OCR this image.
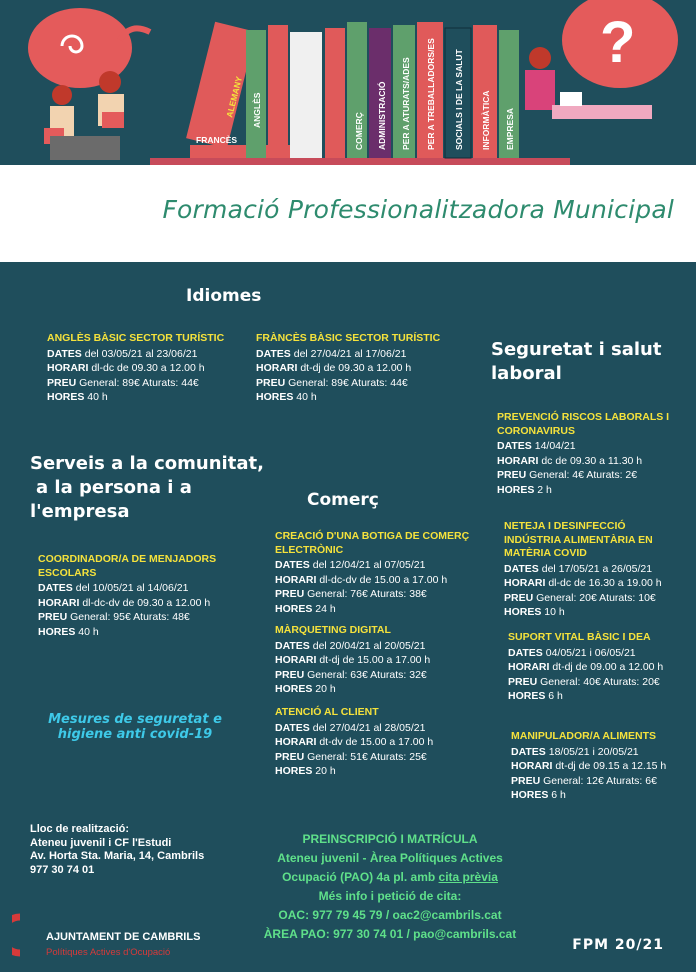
?
FRANCÈS
ALEMANY ANGLÈS
COMERÇ ADMINISTRACIÓ PER A ATURATS/ADES PER A TREBALLADORS/ES SOCIALS I DE LA SALUT INFORMÀTICA EMPRESA
Formació Professionalitzadora Municipal
Idiomes
Seguretat i salut
laboral
Serveis a la comunitat,
a la persona i a
l'empresa
Comerç
ANGLÈS BÀSIC SECTOR TURÍSTIC
DATES del 03/05/21 al 23/06/21
HORARI dl-dc de 09.30 a 12.00 h
PREU General: 89€ Aturats: 44€
HORES 40 h
FRÀNCÈS BÀSIC SECTOR TURÍSTIC
DATES del 27/04/21 al 17/06/21
HORARI dt-dj de 09.30 a 12.00 h
PREU General: 89€ Aturats: 44€
HORES 40 h
PREVENCIÓ RISCOS LABORALS I CORONAVIRUS
DATES 14/04/21
HORARI dc de 09.30 a 11.30 h
PREU General: 4€ Aturats: 2€
HORES 2 h
NETEJA I DESINFECCIÓ INDÚSTRIA ALIMENTÀRIA EN MATÈRIA COVID
DATES del 17/05/21 a 26/05/21
HORARI dl-dc de 16.30 a 19.00 h
PREU General: 20€ Aturats: 10€
HORES 10 h
SUPORT VITAL BÀSIC I DEA
DATES 04/05/21 i 06/05/21
HORARI dt-dj de 09.00 a 12.00 h
PREU General: 40€ Aturats: 20€
HORES 6 h
MANIPULADOR/A ALIMENTS
DATES 18/05/21 i 20/05/21
HORARI dt-dj de 09.15 a 12.15 h
PREU General: 12€ Aturats: 6€
HORES 6 h
COORDINADOR/A DE MENJADORS ESCOLARS
DATES del 10/05/21 al 14/06/21
HORARI dl-dc-dv de 09.30 a 12.00 h
PREU General: 95€ Aturats: 48€
HORES 40 h
CREACIÓ D'UNA BOTIGA DE COMERÇ ELECTRÒNIC
DATES del 12/04/21 al 07/05/21
HORARI dl-dc-dv de 15.00 a 17.00 h
PREU General: 76€ Aturats: 38€
HORES 24 h
MÀRQUETING DIGITAL
DATES del 20/04/21 al 20/05/21
HORARI dt-dj de 15.00 a 17.00 h
PREU General: 63€ Aturats: 32€
HORES 20 h
ATENCIÓ AL CLIENT
DATES del 27/04/21 al 28/05/21
HORARI dt-dv de 15.00 a 17.00 h
PREU General: 51€ Aturats: 25€
HORES 20 h
Mesures de seguretat e
higiene anti covid-19
Lloc de realització:
Ateneu juvenil i CF l'Estudi
Av. Horta Sta. Maria, 14, Cambrils
977 30 74 01
PREINSCRIPCIÓ I MATRÍCULA
Ateneu juvenil - Àrea Polítiques Actives
Ocupació (PAO) 4a pl. amb cita prèvia
Més info i petició de cita:
OAC: 977 79 45 79 / oac2@cambrils.cat
ÀREA PAO: 977 30 74 01 / pao@cambrils.cat
AJUNTAMENT DE CAMBRILS
Polítiques Actives d'Ocupació	FPM 20/21
